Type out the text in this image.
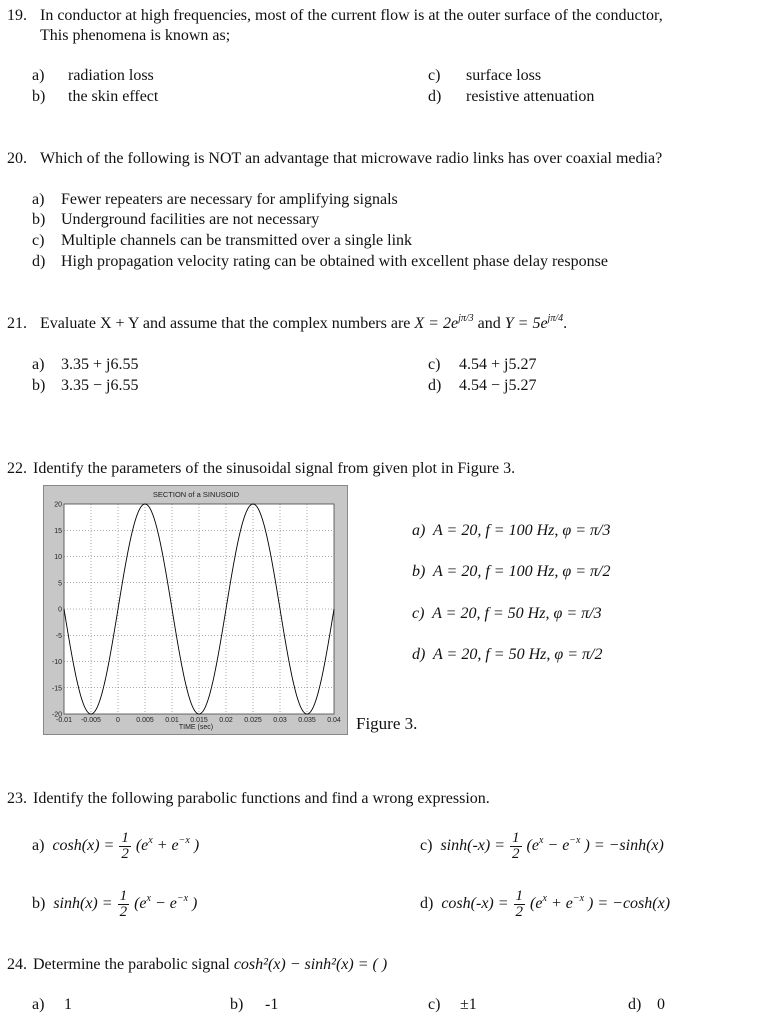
19. In conductor at high frequencies, most of the current flow is at the outer surface of the conductor,
This phenomena is known as;
a) radiation loss
b) the skin effect
c) surface loss
d) resistive attenuation
20. Which of the following is NOT an advantage that microwave radio links has over coaxial media?
a) Fewer repeaters are necessary for amplifying signals
b) Underground facilities are not necessary
c) Multiple channels can be transmitted over a single link
d) High propagation velocity rating can be obtained with excellent phase delay response
21. Evaluate X + Y and assume that the complex numbers are $X = 2e^{j\pi/3}$ and $Y = 5e^{j\pi/4}$.
a) 3.35 + j6.55
b) 3.35 − j6.55
c) 4.54 + j5.27
d) 4.54 − j5.27
22. Identify the parameters of the sinusoidal signal from given plot in Figure 3.
-0.01 -0.005 0 0.005 0.01 0.015 0.02 0.025 0.03 0.035 0.04
20
15
10
5
0
-5
-10
-15
-20
SECTION of a SINUSOID
TIME (sec)	Figure 3.
a) A = 20, f = 100 Hz, φ = π/3
b) A = 20, f = 100 Hz, φ = π/2
c) A = 20, f = 50 Hz, φ = π/3
d) A = 20, f = 50 Hz, φ = π/2
23. Identify the following parabolic functions and find a wrong expression.
a) $\cosh(x) = \frac{1}{2} (e^x + e^{-x}$ )
b) $\sinh(x) = \frac{1}{2} (e^x - e^{-x}$ )
c) $\sinh(-x) = \frac{1}{2} (e^x - e^{-x}$ ) = −sinh(x)
d) $\cosh(-x) = \frac{1}{2} (e^x + e^{-x}$ ) = −cosh(x)
24. Determine the parabolic signal cosh²(x) − sinh²(x) = ( )
a) 1	b) -1	c) ±1	d) 0
